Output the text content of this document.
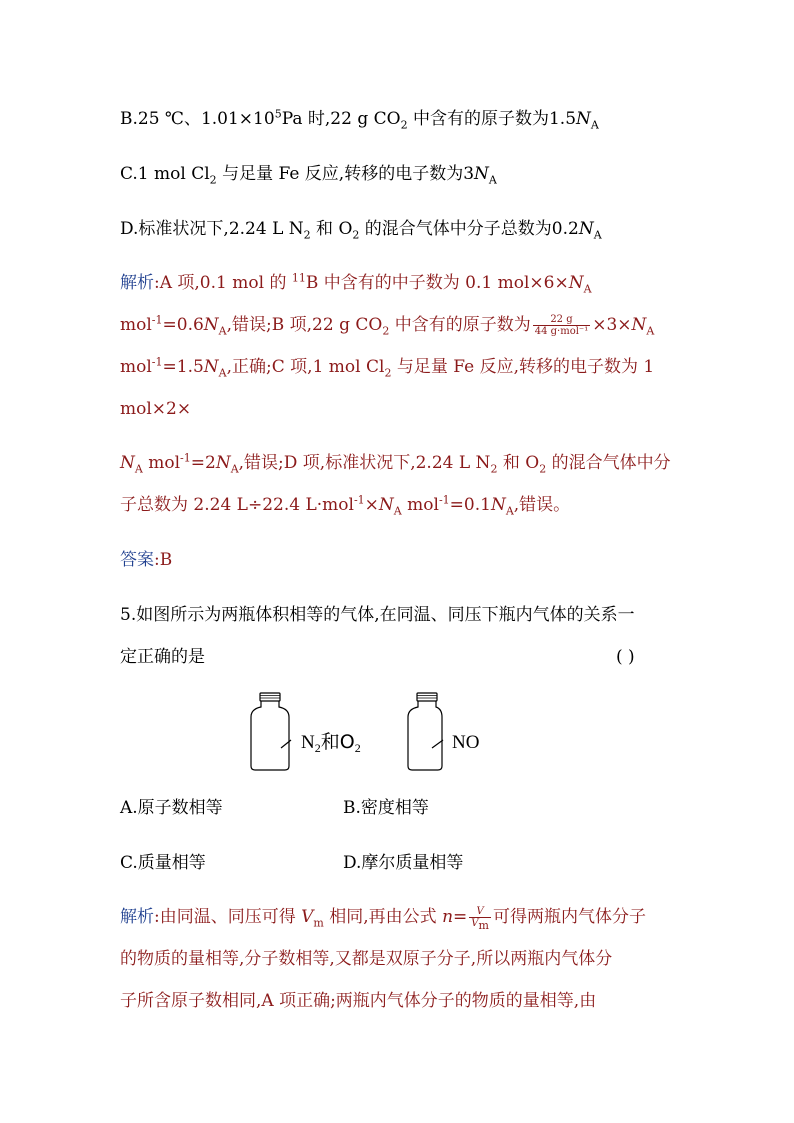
B.25 ℃、$1.01\times 10^5Pa$ 时,22 g $CO_2$ 中含有的原子数为$1.5N_A$
C.1 mol $Cl_2$ 与足量 Fe 反应,转移的电子数为$3N_A$
D.标准状况下,2.24 L $N_2$ 和 $O_2$ 的混合气体中分子总数为$0.2N_A$
解析:A 项,0.1 mol 的 $^{11}$B 中含有的中子数为 0.1 $mol\times 6\times N_A$
$mol^{-1}=0.6N_A$,错误;B 项,22 g $CO_2$ 中含有的原子数为 $\frac{22 g}{\text{44 g·mol⁻¹}} \times 3\times N_A$
$mol^{-1}=1.5N_A$,正确;C 项,1 mol $Cl_2$ 与足量 Fe 反应,转移的电子数为 1
mol×2×
$N_A$ $mol^{-1}=2N_A$,错误;D 项,标准状况下,2.24 L $N_2$ 和 $O_2$ 的混合气体中分
子总数为 2.24 L÷22.4 $L\cdot mol^{-1}\times N_A$ $mol^{-1}=0.1N_A$,错误。
答案:B
5.如图所示为两瓶体积相等的气体,在同温、同压下瓶内气体的关系一
定正确的是	( )
$N_2$和$O_2$	NO
A.原子数相等	B.密度相等
C.质量相等	D.摩尔质量相等
解析:由同温、同压可得 $V_m$ 相同,再由公式 $n= \frac{V}{V_m}$ 可得两瓶内气体分子
的物质的量相等,分子数相等,又都是双原子分子,所以两瓶内气体分
子所含原子数相同,A 项正确;两瓶内气体分子的物质的量相等,由
